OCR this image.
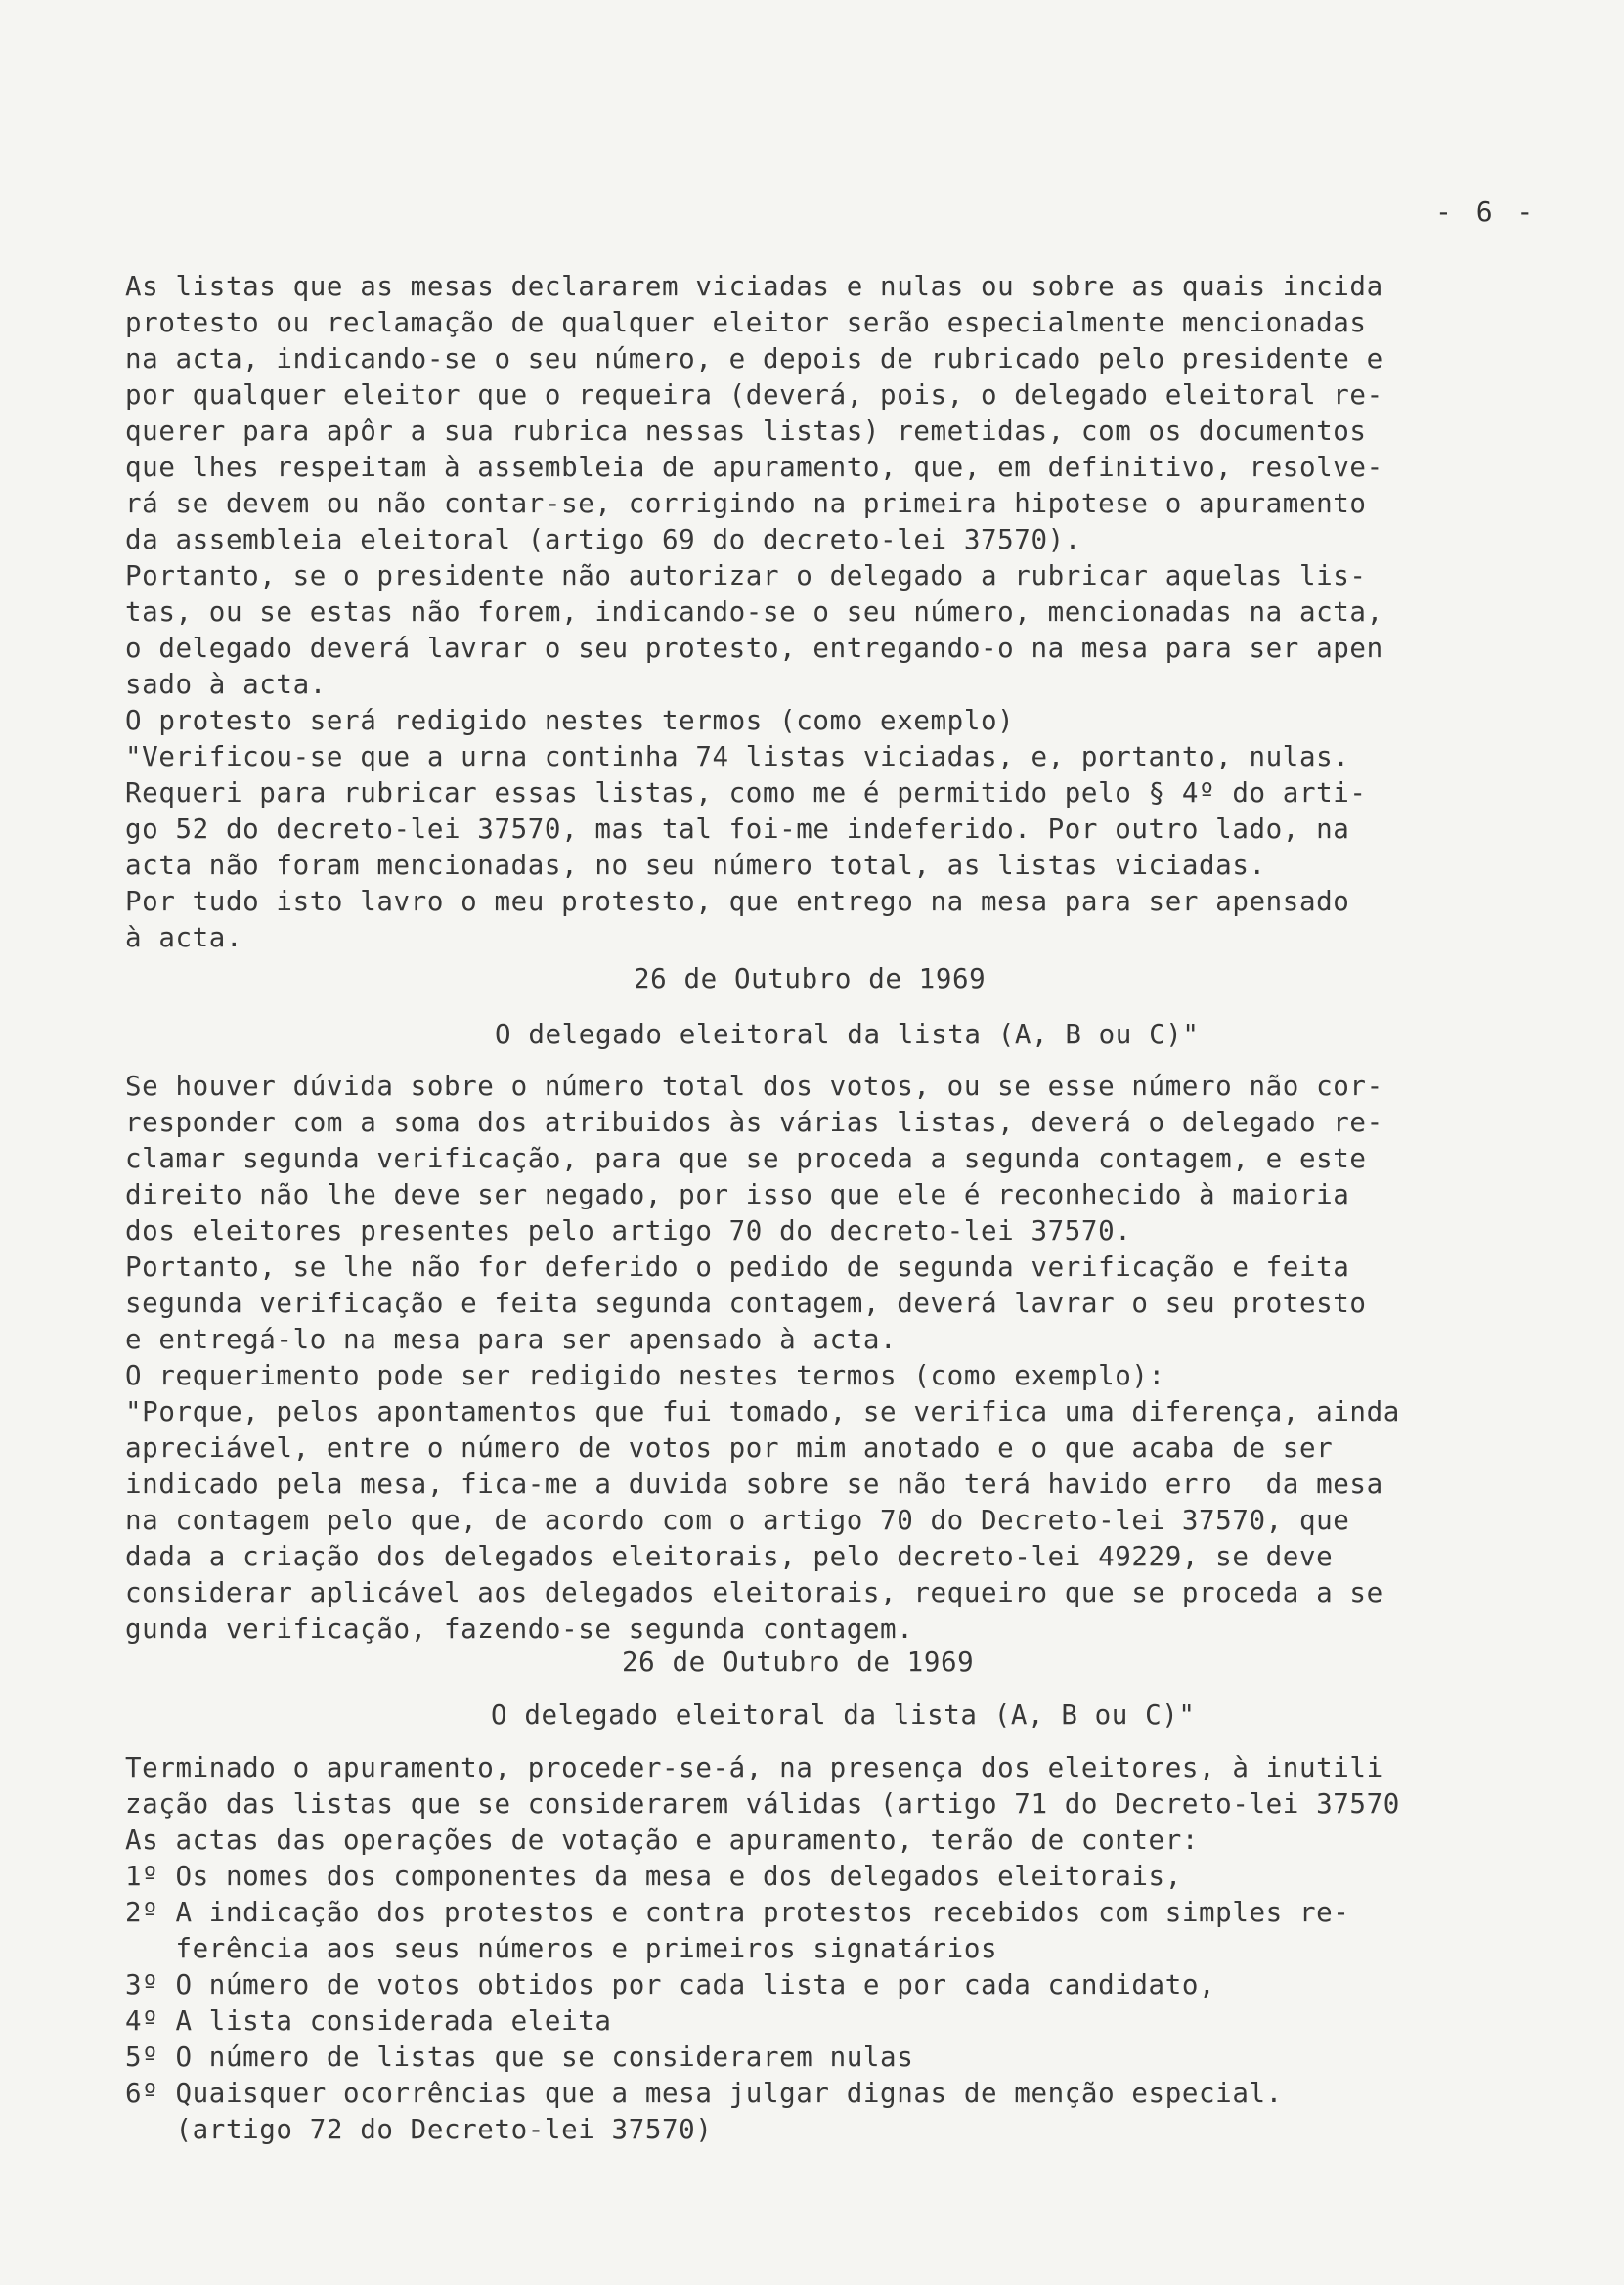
- 6 -
As listas que as mesas declararem viciadas e nulas ou sobre as quais incida
protesto ou reclamação de qualquer eleitor serão especialmente mencionadas
na acta, indicando-se o seu número, e depois de rubricado pelo presidente e
por qualquer eleitor que o requeira (deverá, pois, o delegado eleitoral re-
querer para apôr a sua rubrica nessas listas) remetidas, com os documentos
que lhes respeitam à assembleia de apuramento, que, em definitivo, resolve-
rá se devem ou não contar-se, corrigindo na primeira hipotese o apuramento
da assembleia eleitoral (artigo 69 do decreto-lei 37570).
Portanto, se o presidente não autorizar o delegado a rubricar aquelas lis-
tas, ou se estas não forem, indicando-se o seu número, mencionadas na acta,
o delegado deverá lavrar o seu protesto, entregando-o na mesa para ser apen
sado à acta.
O protesto será redigido nestes termos (como exemplo)
"Verificou-se que a urna continha 74 listas viciadas, e, portanto, nulas.
Requeri para rubricar essas listas, como me é permitido pelo § 4º do arti-
go 52 do decreto-lei 37570, mas tal foi-me indeferido. Por outro lado, na
acta não foram mencionadas, no seu número total, as listas viciadas.
Por tudo isto lavro o meu protesto, que entrego na mesa para ser apensado
à acta.
26 de Outubro de 1969
O delegado eleitoral da lista (A, B ou C)"
Se houver dúvida sobre o número total dos votos, ou se esse número não cor-
responder com a soma dos atribuidos às várias listas, deverá o delegado re-
clamar segunda verificação, para que se proceda a segunda contagem, e este
direito não lhe deve ser negado, por isso que ele é reconhecido à maioria
dos eleitores presentes pelo artigo 70 do decreto-lei 37570.
Portanto, se lhe não for deferido o pedido de segunda verificação e feita
segunda verificação e feita segunda contagem, deverá lavrar o seu protesto
e entregá-lo na mesa para ser apensado à acta.
O requerimento pode ser redigido nestes termos (como exemplo):
"Porque, pelos apontamentos que fui tomado, se verifica uma diferença, ainda
apreciável, entre o número de votos por mim anotado e o que acaba de ser
indicado pela mesa, fica-me a duvida sobre se não terá havido erro  da mesa
na contagem pelo que, de acordo com o artigo 70 do Decreto-lei 37570, que
dada a criação dos delegados eleitorais, pelo decreto-lei 49229, se deve
considerar aplicável aos delegados eleitorais, requeiro que se proceda a se
gunda verificação, fazendo-se segunda contagem.
26 de Outubro de 1969
O delegado eleitoral da lista (A, B ou C)"
Terminado o apuramento, proceder-se-á, na presença dos eleitores, à inutili
zação das listas que se considerarem válidas (artigo 71 do Decreto-lei 37570
As actas das operações de votação e apuramento, terão de conter:
1º Os nomes dos componentes da mesa e dos delegados eleitorais,
2º A indicação dos protestos e contra protestos recebidos com simples re-
ferência aos seus números e primeiros signatários
3º O número de votos obtidos por cada lista e por cada candidato,
4º A lista considerada eleita
5º O número de listas que se considerarem nulas
6º Quaisquer ocorrências que a mesa julgar dignas de menção especial.
(artigo 72 do Decreto-lei 37570)
